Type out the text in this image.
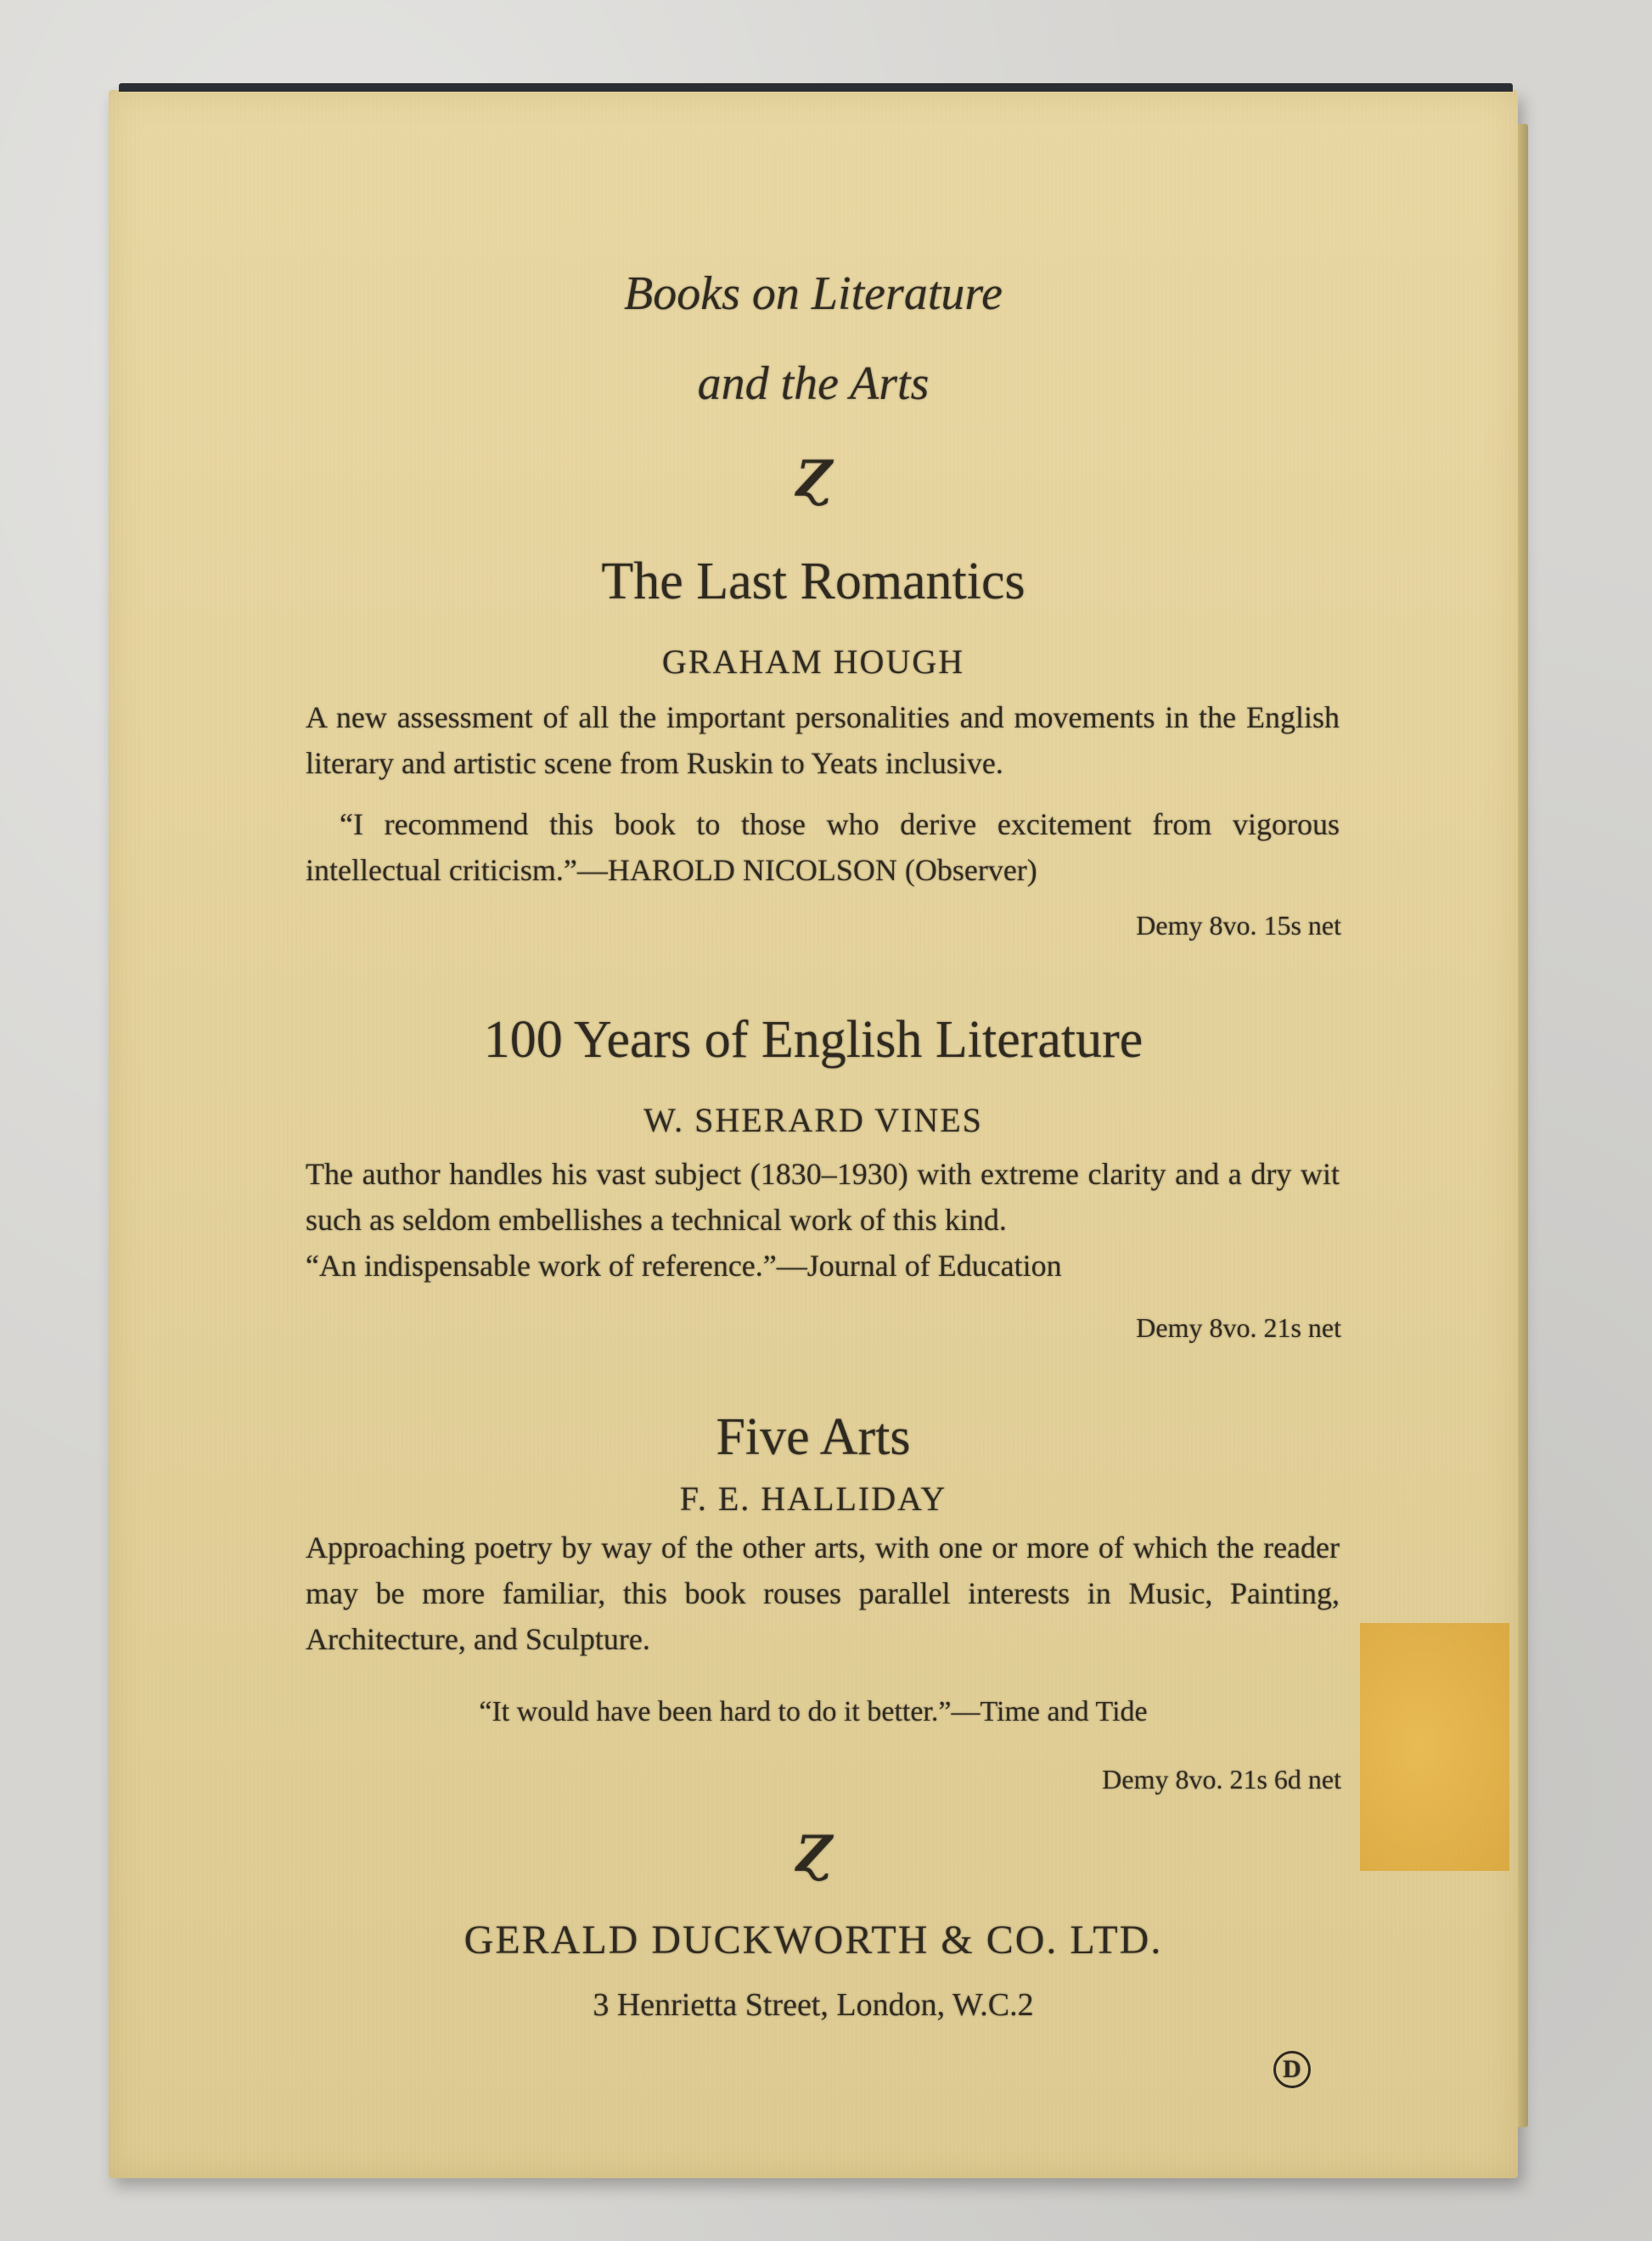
Books on Literature
and the Arts
Ɀ
The Last Romantics
GRAHAM HOUGH
A new assessment of all the important personalities and movements in the English literary and artistic scene from Ruskin to Yeats inclusive.
“I recommend this book to those who derive excitement from vigorous intellectual criticism.”—HAROLD NICOLSON (Observer)
Demy 8vo. 15s net
100 Years of English Literature
W. SHERARD VINES
The author handles his vast subject (1830–1930) with extreme clarity and a dry wit such as seldom embellishes a technical work of this kind.
“An indispensable work of reference.”—Journal of Education
Demy 8vo. 21s net
Five Arts
F. E. HALLIDAY
Approaching poetry by way of the other arts, with one or more of which the reader may be more familiar, this book rouses parallel interests in Music, Painting, Architecture, and Sculpture.
“It would have been hard to do it better.”—Time and Tide
Demy 8vo. 21s 6d net
Ɀ
GERALD DUCKWORTH & CO. LTD.
3 Henrietta Street, London, W.C.2
D
